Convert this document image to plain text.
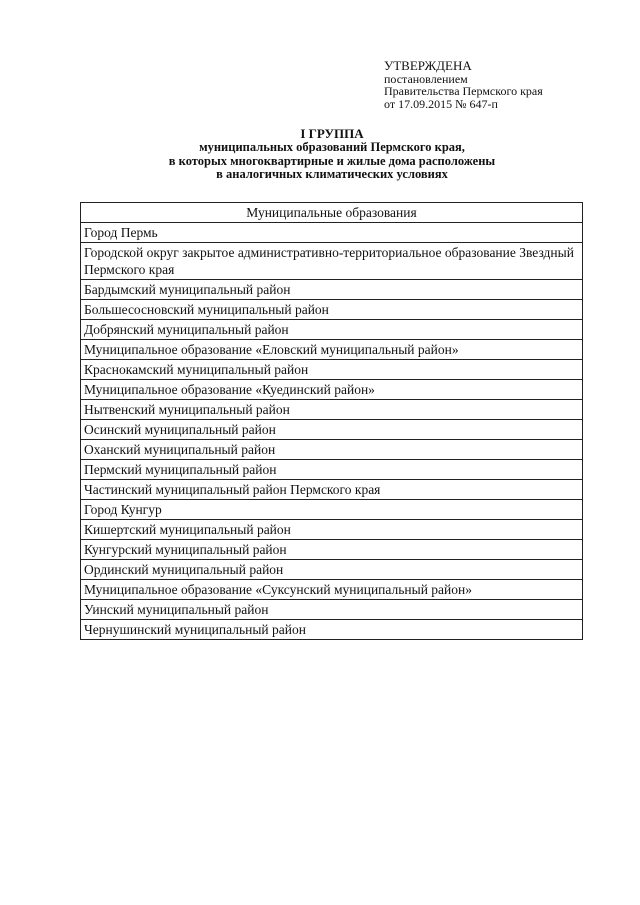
УТВЕРЖДЕНА
постановлением
Правительства Пермского края
от 17.09.2015 № 647-п
I ГРУППА
муниципальных образований Пермского края,
в которых многоквартирные и жилые дома расположены
в аналогичных климатических условиях
Муниципальные образования
Город Пермь
Городской округ закрытое административно-территориальное образование Звездный Пермского края
Бардымский муниципальный район
Большесосновский муниципальный район
Добрянский муниципальный район
Муниципальное образование «Еловский муниципальный район»
Краснокамский муниципальный район
Муниципальное образование «Куединский район»
Нытвенский муниципальный район
Осинский муниципальный район
Оханский муниципальный район
Пермский муниципальный район
Частинский муниципальный район Пермского края
Город Кунгур
Кишертский муниципальный район
Кунгурский муниципальный район
Ординский муниципальный район
Муниципальное образование «Суксунский муниципальный район»
Уинский муниципальный район
Чернушинский муниципальный район
